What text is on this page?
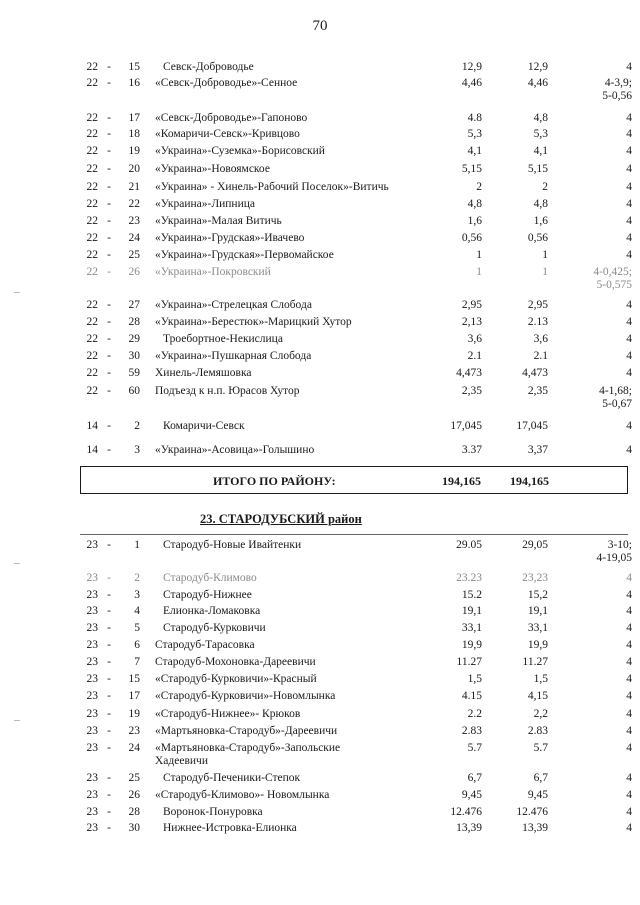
70
22 -	15 Севск-Доброводье	12,9	12,9	4
22 -	16 «Севск-Доброводье»-Сенное	4,46	4,46	4-3,9;
5-0,56
22 -	17 «Севск-Доброводье»-Гапоново	4.8	4,8	4
22 -	18 «Комаричи-Севск»-Кривцово	5,3	5,3	4
22 -	19 «Украина»-Суземка»-Борисовский	4,1	4,1	4
22 -	20 «Украина»-Новоямское	5,15	5,15	4
22 -	21 «Украина» - Хинель-Рабочий Поселок»-Витичь	2	2	4
22 -	22 «Украина»-Липница	4,8	4,8	4
22 -	23 «Украина»-Малая Витичь	1,6	1,6	4
22 -	24 «Украина»-Грудская»-Ивачево	0,56	0,56	4
22 -	25 «Украина»-Грудская»-Первомайское	1	1	4
22 -	26 «Украина»-Покровский	1	1	4-0,425;
5-0,575
22 -	27 «Украина»-Стрелецкая Слобода	2,95	2,95	4
22 -	28 «Украина»-Берестюк»-Марицкий Хутор	2,13	2.13	4
22 -	29 Троебортное-Некислица	3,6	3,6	4
22 -	30 «Украина»-Пушкарная Слобода	2.1	2.1	4
22 -	59 Хинель-Лемяшовка	4,473	4,473	4
22 -	60 Подъезд к н.п. Юрасов Хутор	2,35	2,35	4-1,68;
5-0,67
14 -	2 Комаричи-Севск	17,045	17,045	4
14 -	3 «Украина»-Асовица»-Голышино	3.37	3,37	4
ИТОГО ПО РАЙОНУ:	194,165	194,165
23. СТАРОДУБСКИЙ район
23 -	1 Стародуб-Новые Ивайтенки	29.05	29,05	3-10;
4-19,05
23 -	2 Стародуб-Климово	23.23	23,23	4
23 -	3 Стародуб-Нижнее	15.2	15,2	4
23 -	4 Елионка-Ломаковка	19,1	19,1	4
23 -	5 Стародуб-Курковичи	33,1	33,1	4
23 -	6 Стародуб-Тарасовка	19,9	19,9	4
23 -	7 Стародуб-Мохоновка-Дареевичи	11.27	11.27	4
23 -	15 «Стародуб-Курковичи»-Красный	1,5	1,5	4
23 -	17 «Стародуб-Курковичи»-Новомлынка	4.15	4,15	4
23 -	19 «Стародуб-Нижнее»- Крюков	2.2	2,2	4
23 -	23 «Мартьяновка-Стародуб»-Дареевичи	2.83	2.83	4
23 -	24 «Мартьяновка-Стародуб»-Запольские
Хадеевичи
5.7	5.7	4
23 -	25 Стародуб-Печеники-Степок	6,7	6,7	4
23 -	26 «Стародуб-Климово»- Новомлынка	9,45	9,45	4
23 -	28 Воронок-Понуровка	12.476	12.476	4
23 -	30 Нижнее-Истровка-Елионка	13,39	13,39	4
